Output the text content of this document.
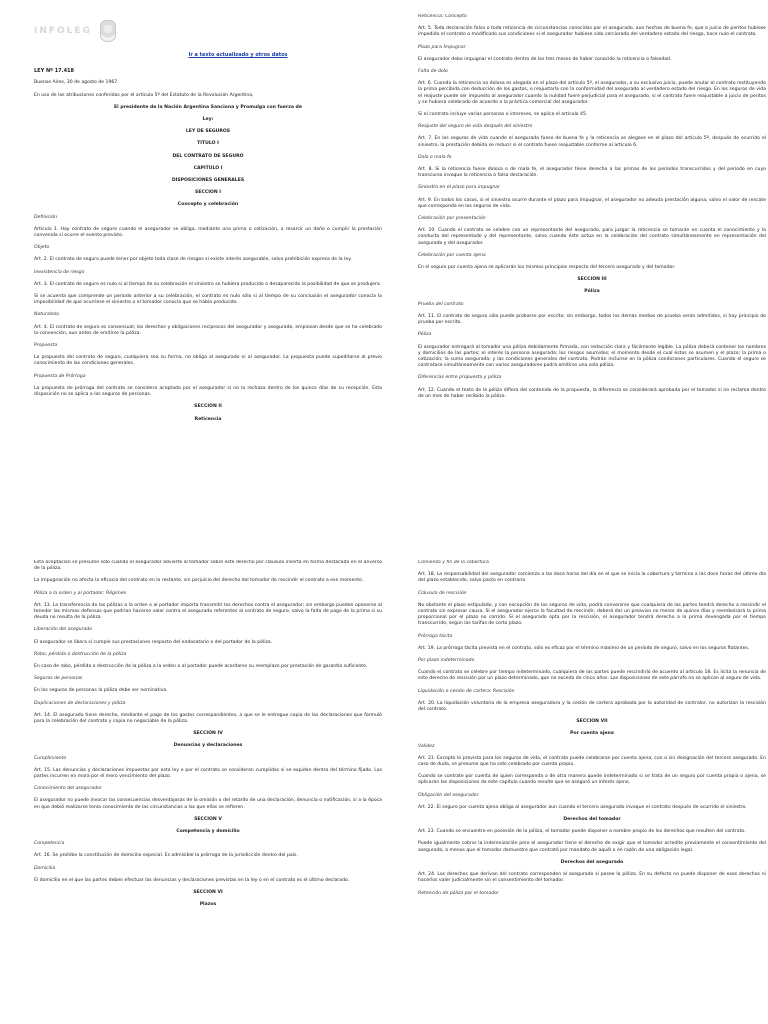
INFOLEG
Ir a texto actualizado y otros datos
LEY Nº 17.418
Buenos Aires, 30 de agosto de 1967.
En uso de las atribuciones conferidas por el artículo 5º del Estatuto de la Revolución Argentina,
El presidente de la Nación Argentina Sanciona y Promulga con fuerza de
Ley:
LEY DE SEGUROS
TITULO I
DEL CONTRATO DE SEGURO
CAPITULO I
DISPOSICIONES GENERALES
SECCION I
Concepto y celebración
Definición
Artículo 1. Hay contrato de seguro cuando el asegurador se obliga, mediante una prima o cotización, a resarcir un daño o cumplir la prestación convenida si ocurre el evento previsto.
Objeto
Art. 2. El contrato de seguro puede tener por objeto toda clase de riesgos si existe interés asegurable, salvo prohibición expresa de la ley.
Inexistencia de riesgo
Art. 3. El contrato de seguro es nulo si al tiempo de su celebración el siniestro se hubiera producido o desaparecido la posibilidad de que se produjera.
Si se acuerda que comprende un período anterior a su celebración, el contrato es nulo sólo si al tiempo de su conclusión el asegurador conocía la imposibilidad de que ocurriese el siniestro o el tomador conocía que se había producido.
Naturaleza
Art. 4. El contrato de seguro es consensual; los derechos y obligaciones recíprocos del asegurador y asegurado, empiezan desde que se ha celebrado la convención, aun antes de emitirse la póliza.
Propuesta
La propuesta del contrato de seguro, cualquiera sea su forma, no obliga al asegurado ni al asegurador. La propuesta puede supeditarse al previo conocimiento de las condiciones generales.
Propuesta de Prórroga
La propuesta de prórroga del contrato se considera aceptada por el asegurador si no la rechaza dentro de los quince días de su recepción. Esta disposición no se aplica a los seguros de personas.
SECCION II
Reticencia
Reticencia: Concepto
Art. 5. Toda declaración falsa o toda reticencia de circunstancias conocidas por el asegurado, aun hechas de buena fe, que a juicio de peritos hubiese impedido el contrato o modificado sus condiciones si el asegurador hubiese sido cerciorado del verdadero estado del riesgo, hace nulo el contrato.
Plazo para Impugnar
El asegurador debe impugnar el contrato dentro de los tres meses de haber conocido la reticencia o falsedad.
Falta de dolo
Art. 6. Cuando la reticencia no dolosa es alegada en el plazo del artículo 5º, el asegurador, a su exclusivo juicio, puede anular el contrato restituyendo la prima percibida con deducción de los gastos, o reajustarla con la conformidad del asegurado al verdadero estado del riesgo. En los seguros de vida el reajuste puede ser impuesto al asegurador cuando la nulidad fuere perjudicial para el asegurado, si el contrato fuere reajustable a juicio de peritos y se hubiera celebrado de acuerdo a la práctica comercial del asegurador.
Si el contrato incluye varias personas o intereses, se aplica el artículo 45.
Reajuste del seguro de vida después del siniestro
Art. 7. En los seguros de vida cuando el asegurado fuese de buena fe y la reticencia se alegase en el plazo del artículo 5º, después de ocurrido el siniestro, la prestación debida se reducir si el contrato fuese reajustable conforme al artículo 6.
Dolo o mala fe
Art. 8. Si la reticencia fuese dolosa o de mala fe, el asegurador tiene derecho a las primas de los períodos transcurridos y del período en cuyo transcurso invoque la reticencia o falsa declaración.
Siniestro en el plazo para impugnar
Art. 9. En todos los casos, si el siniestro ocurre durante el plazo para impugnar, el asegurador no adeuda prestación alguna, salvo el valor de rescate que corresponda en los seguros de vida.
Celebración por presentación
Art. 10. Cuando el contrato se celebre con un representante del asegurado, para juzgar la reticencia se tomarán en cuenta el conocimiento y la conducta del representado y del representante, salvo cuando éste actúa en la celebración del contrato simultáneamente en representación del asegurado y del asegurador.
Celebración por cuenta ajena
En el seguro por cuenta ajena se aplicarán los mismos principios respecto del tercero asegurado y del tomador.
SECCION III
Póliza
Prueba del contrato
Art. 11. El contrato de seguro sólo puede probarse por escrito; sin embargo, todos los demás medios de prueba serán admitidos, si hay principio de prueba por escrito.
Póliza
El asegurador entregará al tomador una póliza debidamente firmada, con redacción clara y fácilmente legible. La póliza deberá contener los nombres y domicilios de las partes; el interés la persona asegurada; los riesgos asumidos; el momento desde el cual éstos se asumen y el plazo; la prima o cotización; la suma asegurada; y las condiciones generales del contrato. Podrán incluirse en la póliza condiciones particulares. Cuando el seguro se contratase simultáneamente con varios aseguradores podrá emitirse una sola póliza.
Diferencias entre propuesta y póliza
Art. 12. Cuando el texto de la póliza difiera del contenido de la propuesta, la diferencia se considerará aprobada por el tomador si no reclama dentro de un mes de haber recibido la póliza.
Esta aceptación se presume sólo cuando el asegurador advierte al tomador sobre este derecho por cláusula inserta en forma destacada en el anverso de la póliza.
La impugnación no afecta la eficacia del contrato en lo restante, sin perjuicio del derecho del tomador de rescindir el contrato a ese momento.
Póliza a la orden y al portador: Régimen
Art. 13. La transferencia de las pólizas a la orden o al portador importa transmitir los derechos contra el asegurador; sin embargo pueden oponerse al tenedor las mismas defensas que podrían hacerse valer contra el asegurado referentes al contrato de seguro, salvo la falta de pago de la prima si su deuda no resulta de la póliza.
Liberación del asegurado
El asegurador se libera si cumple sus prestaciones respecto del endosatario o del portador de la póliza.
Robo, pérdida o destrucción de la póliza
En caso de robo, pérdida o destrucción de la póliza a la orden o al portador puede acordarse su reemplazo por prestación de garantía suficiente.
Seguros de personas
En los seguros de personas la póliza debe ser nominativa.
Duplicaciones de declaraciones y póliza
Art. 14. El asegurado tiene derecho, mediante el pago de los gastos correspondientes, a que se le entregue copia de las declaraciones que formuló para la celebración del contrato y copia no negociable de la póliza.
SECCION IV
Denuncias y declaraciones
Cumplimiento
Art. 15. Las denuncias y declaraciones impuestas por esta ley o por el contrato se consideran cumplidas si se expiden dentro del término fijado. Las partes incurren en mora por el mero vencimiento del plazo.
Conocimiento del asegurador
El asegurador no puede invocar las consecuencias desventajosas de la omisión o del retardo de una declaración, denuncia o notificación, si a la época en que debió realizarse tenía conocimiento de las circunstancias a las que ellas se refieren.
SECCION V
Competencia y domicilio
Competencia
Art. 16. Se prohíbe la constitución de domicilio especial. Es admisible la prórroga de la jurisdicción dentro del país.
Domicilio
El domicilio en el que las partes deben efectuar las denuncias y declaraciones previstas en la ley o en el contrato es el último declarado.
SECCION VI
Plazos
Comienzo y fin de la cobertura
Art. 18. La responsabilidad del asegurador comienza a las doce horas del día en el que se inicia la cobertura y termina a las doce horas del último día del plazo establecido, salvo pacto en contrario
Cláusula de rescisión
No obstante el plazo estipulado, y con excepción de los seguros de vida, podrá convenirse que cualquiera de las partes tendrá derecho a rescindir el contrato sin expresar causa. Si el asegurador ejerce la facultad de rescindir, deberá dar un preaviso no menor de quince días y reembolsará la prima proporcional por el plazo no corrido. Si el asegurado opta por la rescisión, el asegurador tendrá derecho a la prima devengada por el tiempo transcurrido, según las tarifas de corto plazo.
Prórroga tácita
Art. 19. La prórroga tácita prevista en el contrato, sólo es eficaz por el término máximo de un período de seguro, salvo en los seguros flotantes.
Por plazo indeterminado
Cuando el contrato se celebre por tiempo indeterminado, cualquiera de las partes puede rescindirlo de acuerdo al artículo 18. Es lícita la renuncia de este derecho de rescisión por un plazo determinado, que no exceda de cinco años. Las disposiciones de este párrafo no se aplican al seguro de vida.
Liquidación o cesión de cartera: Rescisión
Art. 20. La liquidación voluntaria de la empresa aseguradora y la cesión de cartera aprobada por la autoridad de contralor, no autorizan la rescisión del contrato.
SECCION VII
Por cuenta ajena
Validez
Art. 21. Excepto lo previsto para los seguros de vida, el contrato puede celebrarse por cuenta ajena, con o sin designación del tercero asegurado. En caso de duda, se presume que ha sido celebrado por cuenta propia.
Cuando se contrate por cuenta de quien corresponda o de otra manera quede indeterminado si se trata de un seguro por cuenta propia o ajena, se aplicarán las disposiciones de este capítulo cuando resulte que se aseguró un interés ajeno.
Obligación del asegurador
Art. 22. El seguro por cuenta ajena obliga al asegurador aun cuando el tercero asegurado invoque el contrato después de ocurrido el siniestro.
Derechos del tomador
Art. 23. Cuando se encuentre en posesión de la póliza, el tomador puede disponer a nombre propio de los derechos que resulten del contrato.
Puede igualmente cobrar la indemnización pero el asegurador tiene el derecho de exigir que el tomador acredite previamente el consentimiento del asegurado, a menos que el tomador demuestre que contrató por mandato de aquél o en razón de una obligación legal.
Derechos del asegurado
Art. 24. Los derechos que derivan del contrato corresponden al asegurado si posee la póliza. En su defecto no puede disponer de esos derechos ni hacerlos valer judicialmente sin el consentimiento del tomador.
Retención de póliza por el tomador
